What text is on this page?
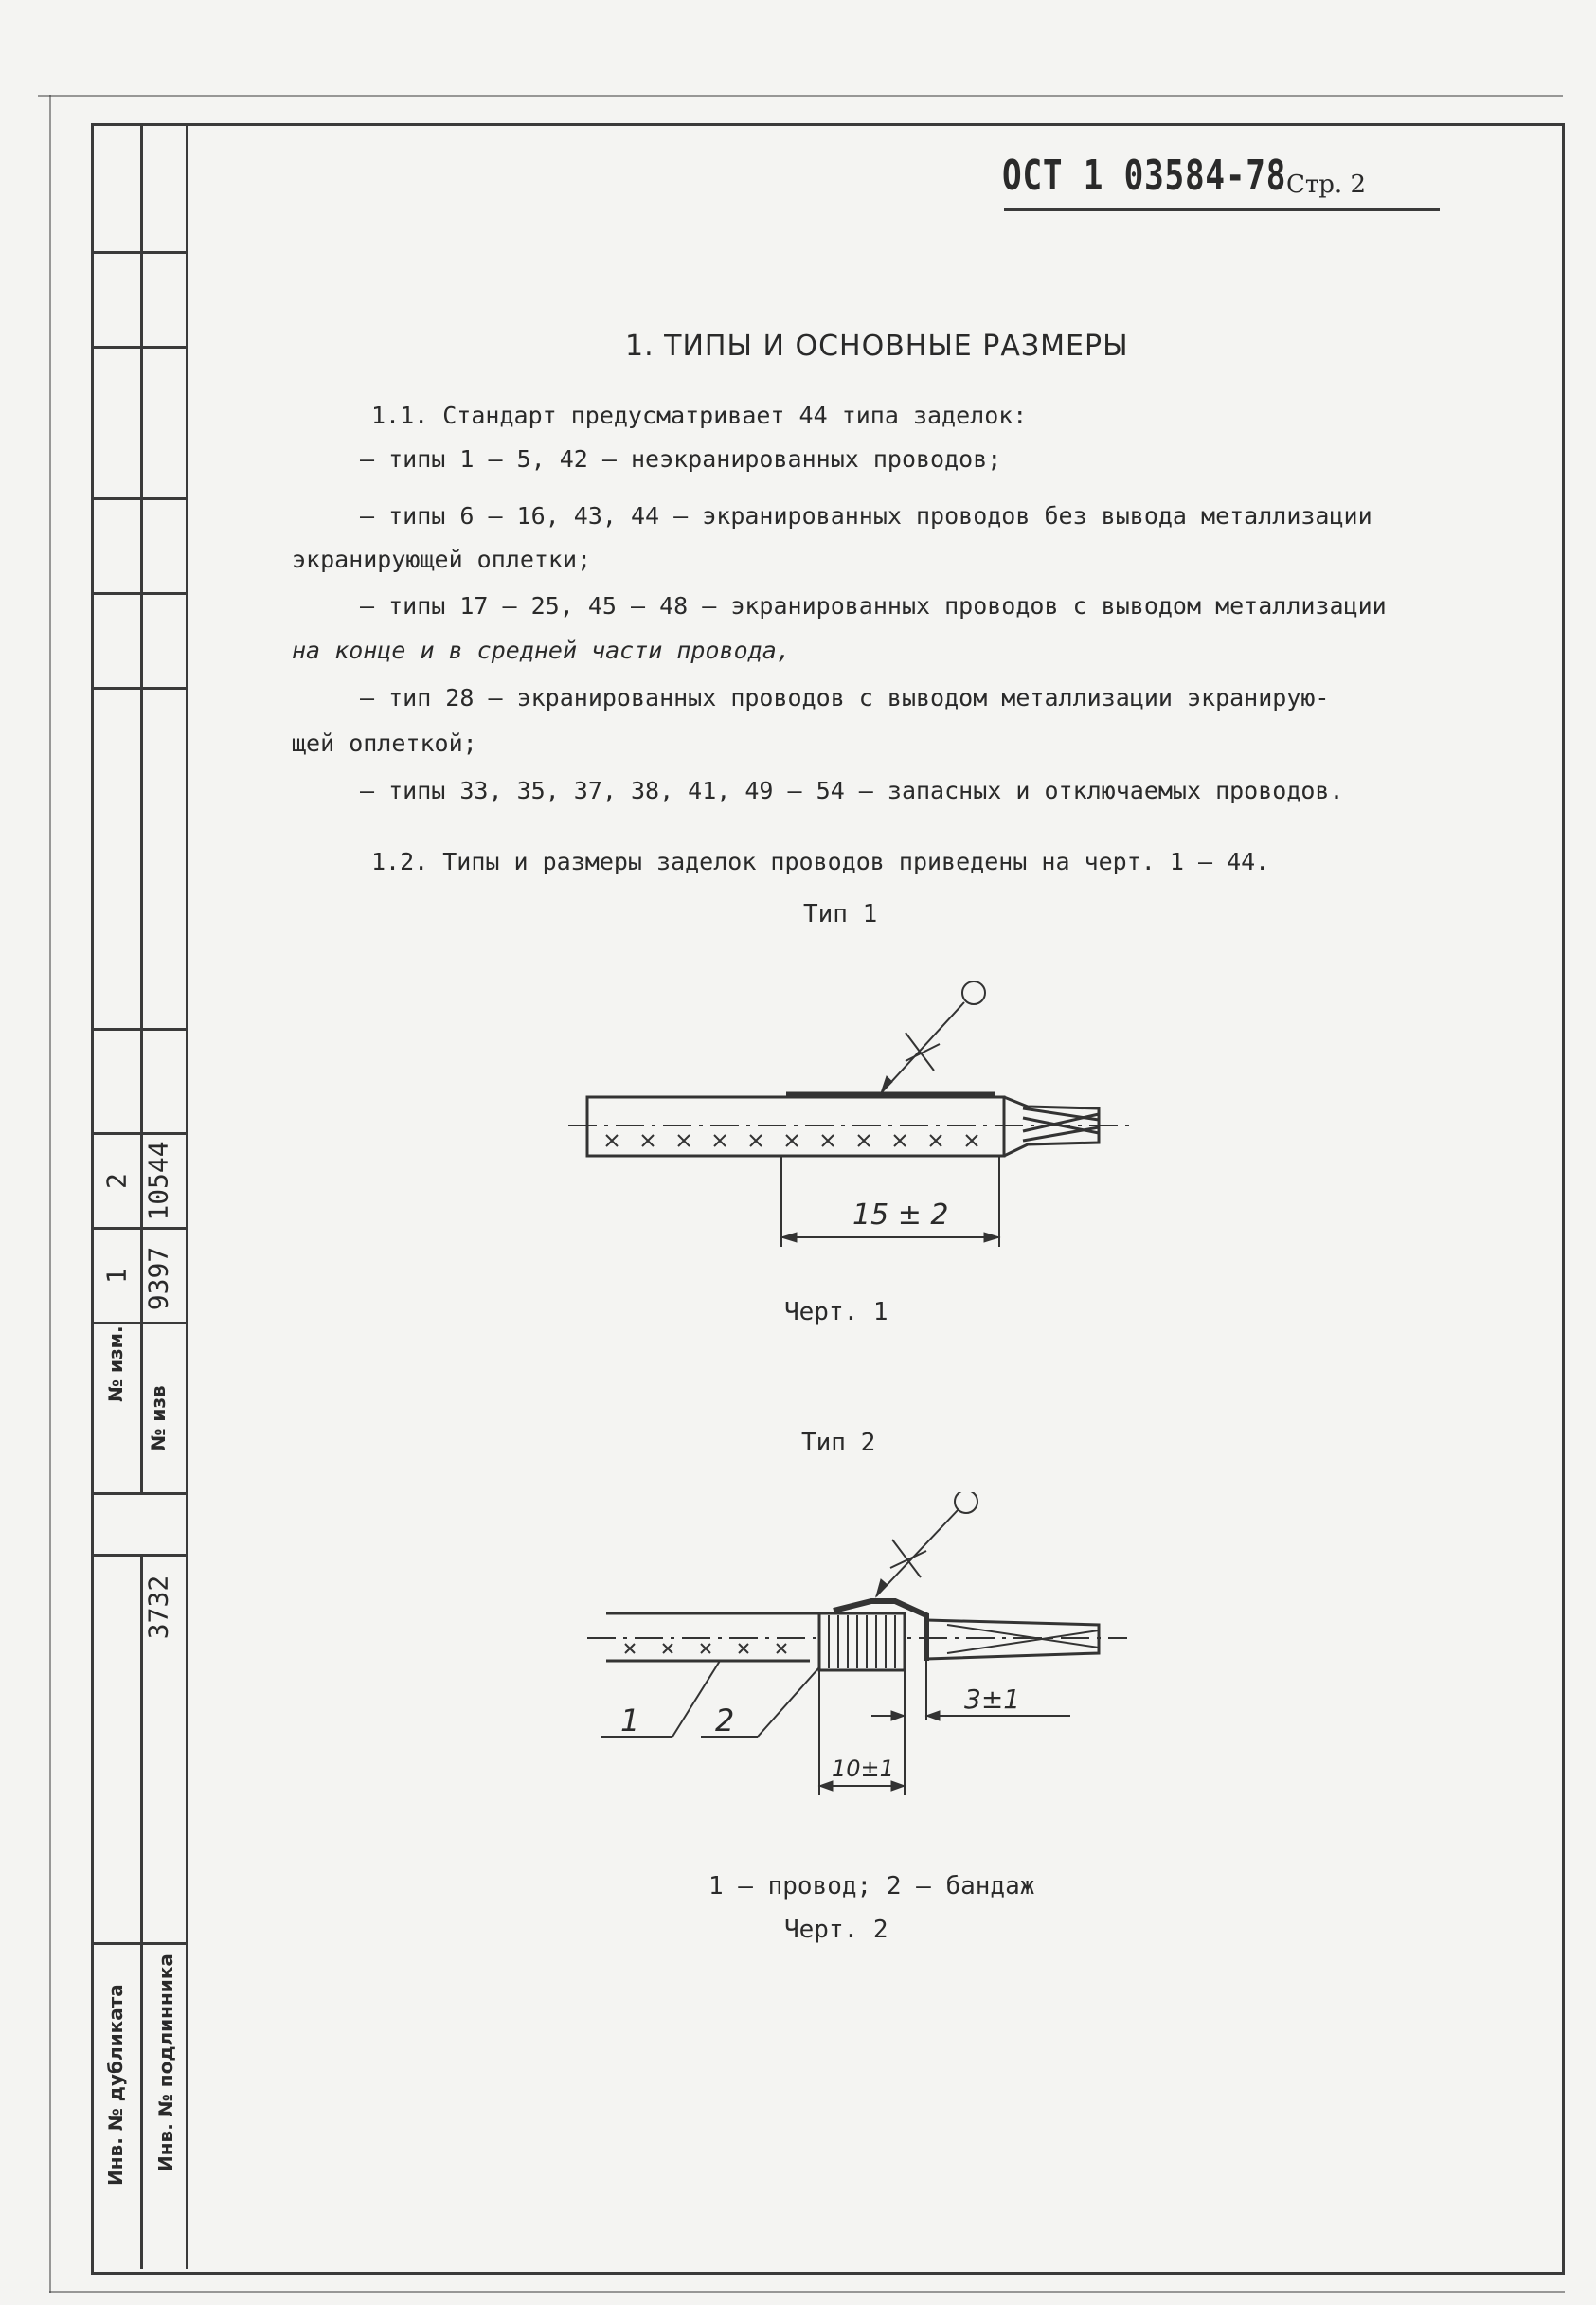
2 10544
1 9397
№ изм.
№ изв
3732
Инв. № дубликата Инв. № подлинника
ОСТ 1 03584-78 Стр. 2
1. ТИПЫ И ОСНОВНЫЕ РАЗМЕРЫ
1.1. Стандарт предусматривает 44 типа заделок:
– типы 1 – 5, 42 – неэкранированных проводов;
– типы 6 – 16, 43, 44 – экранированных проводов без вывода металлизации
экранирующей оплетки;
– типы 17 – 25, 45 – 48 – экранированных проводов с выводом металлизации
на конце и в средней части провода,
– тип 28 – экранированных проводов с выводом металлизации экранирую-
щей оплеткой;
– типы 33, 35, 37, 38, 41, 49 – 54 – запасных и отключаемых проводов.
1.2. Типы и размеры заделок проводов приведены на черт. 1 – 44.
Тип 1
15 ± 2
Черт. 1
Тип 2
1 2
3±1
10±1
1 – провод; 2 – бандаж
Черт. 2
